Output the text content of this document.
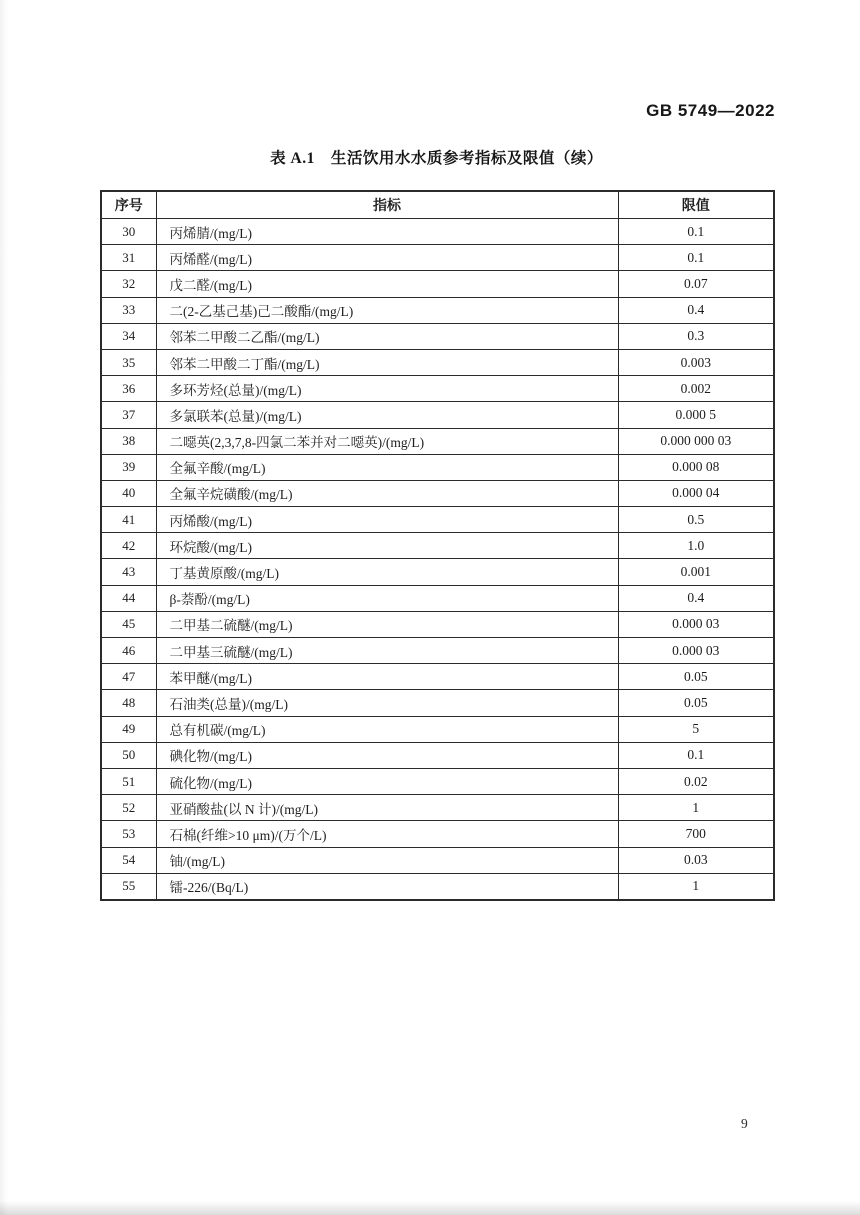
GB 5749—2022
表 A.1　生活饮用水水质参考指标及限值（续）
序号	指标	限值
30	丙烯腈/(mg/L)	0.1
31	丙烯醛/(mg/L)	0.1
32	戊二醛/(mg/L)	0.07
33	二(2-乙基己基)己二酸酯/(mg/L)	0.4
34	邻苯二甲酸二乙酯/(mg/L)	0.3
35	邻苯二甲酸二丁酯/(mg/L)	0.003
36	多环芳烃(总量)/(mg/L)	0.002
37	多氯联苯(总量)/(mg/L)	0.000 5
38	二噁英(2,3,7,8-四氯二苯并对二噁英)/(mg/L)	0.000 000 03
39	全氟辛酸/(mg/L)	0.000 08
40	全氟辛烷磺酸/(mg/L)	0.000 04
41	丙烯酸/(mg/L)	0.5
42	环烷酸/(mg/L)	1.0
43	丁基黄原酸/(mg/L)	0.001
44	β-萘酚/(mg/L)	0.4
45	二甲基二硫醚/(mg/L)	0.000 03
46	二甲基三硫醚/(mg/L)	0.000 03
47	苯甲醚/(mg/L)	0.05
48	石油类(总量)/(mg/L)	0.05
49	总有机碳/(mg/L)	5
50	碘化物/(mg/L)	0.1
51	硫化物/(mg/L)	0.02
52	亚硝酸盐(以 N 计)/(mg/L)	1
53	石棉(纤维>10 μm)/(万个/L)	700
54	铀/(mg/L)	0.03
55	镭-226/(Bq/L)	1
9
